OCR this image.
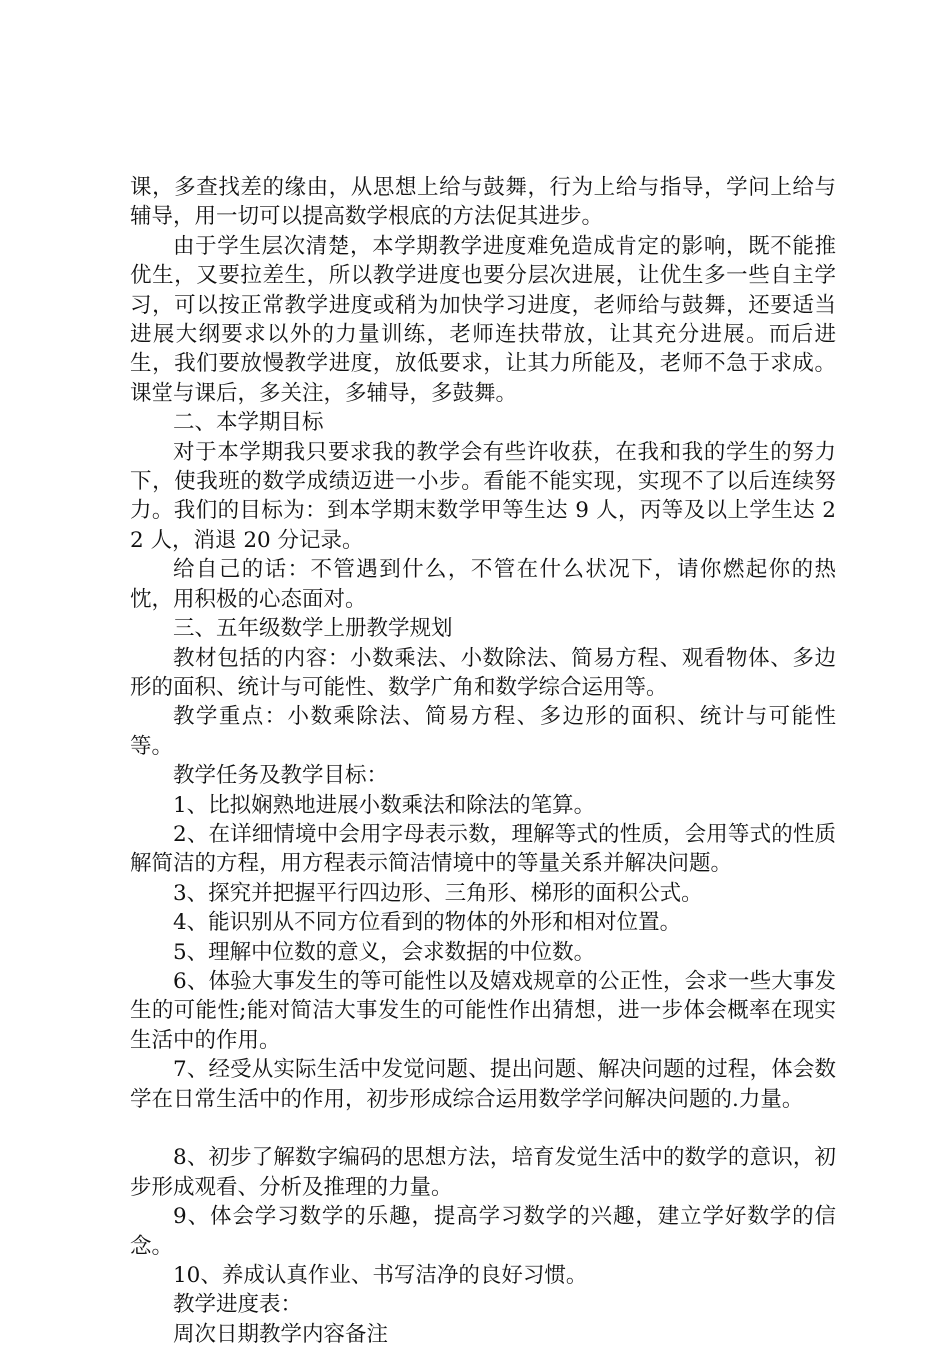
课，多查找差的缘由，从思想上给与鼓舞，行为上给与指导，学问上给与辅导，用一切可以提高数学根底的方法促其进步。

由于学生层次清楚，本学期教学进度难免造成肯定的影响，既不能推优生，又要拉差生，所以教学进度也要分层次进展，让优生多一些自主学习，可以按正常教学进度或稍为加快学习进度，老师给与鼓舞，还要适当进展大纲要求以外的力量训练，老师连扶带放，让其充分进展。而后进生，我们要放慢教学进度，放低要求，让其力所能及，老师不急于求成。课堂与课后，多关注，多辅导，多鼓舞。

二、本学期目标

对于本学期我只要求我的教学会有些许收获，在我和我的学生的努力下，使我班的数学成绩迈进一小步。看能不能实现，实现不了以后连续努力。我们的目标为：到本学期末数学甲等生达 9 人，丙等及以上学生达 22 人，消退 20 分记录。

给自己的话：不管遇到什么，不管在什么状况下，请你燃起你的热忱，用积极的心态面对。

三、五年级数学上册教学规划

教材包括的内容：小数乘法、小数除法、简易方程、观看物体、多边形的面积、统计与可能性、数学广角和数学综合运用等。

教学重点：小数乘除法、简易方程、多边形的面积、统计与可能性等。

教学任务及教学目标：

1、比拟娴熟地进展小数乘法和除法的笔算。

2、在详细情境中会用字母表示数，理解等式的性质，会用等式的性质解简洁的方程，用方程表示简洁情境中的等量关系并解决问题。

3、探究并把握平行四边形、三角形、梯形的面积公式。

4、能识别从不同方位看到的物体的外形和相对位置。

5、理解中位数的意义，会求数据的中位数。

6、体验大事发生的等可能性以及嬉戏规章的公正性，会求一些大事发生的可能性;能对简洁大事发生的可能性作出猜想，进一步体会概率在现实生活中的作用。

7、经受从实际生活中发觉问题、提出问题、解决问题的过程，体会数学在日常生活中的作用，初步形成综合运用数学学问解决问题的.力量。

8、初步了解数字编码的思想方法，培育发觉生活中的数学的意识，初步形成观看、分析及推理的力量。

9、体会学习数学的乐趣，提高学习数学的兴趣，建立学好数学的信念。

10、养成认真作业、书写洁净的良好习惯。

教学进度表：

周次日期教学内容备注
